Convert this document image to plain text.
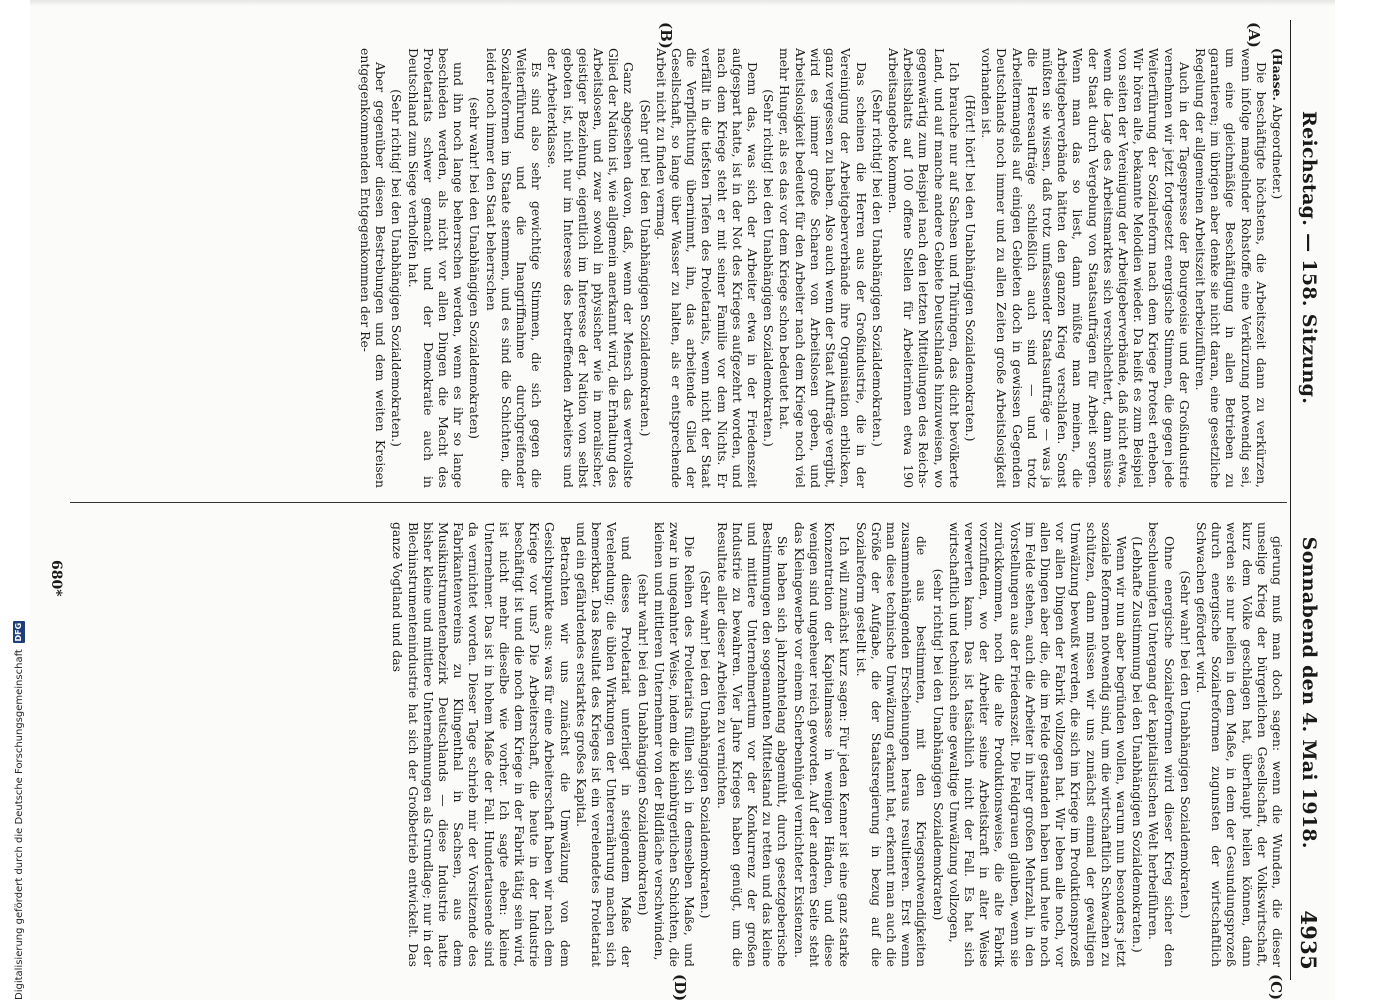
Reichstag. — 158. Sitzung.
Sonnabend den 4. Mai 1918.
4935
(A)
(B)
(C)
(D)

(Haase. Abgeordneter.)

Die beschäftigte höchstens, die Arbeitszeit dann zu verkürzen, wenn infolge mangelnder Rohstoffe eine Verkürzung notwendig sei, um eine gleichmäßige Beschäftigung in allen Betrieben zu garantieren; im übrigen aber denke sie nicht daran, eine gesetzliche Regelung der allgemeinen Arbeitszeit herbeizuführen.

Auch in der Tagespresse der Bourgeoisie und der Großindustrie vernehmen wir jetzt fortgesetzt energische Stimmen, die gegen jede Weiterführung der Sozialreform nach dem Kriege Protest erheben. Wir hören alte, bekannte Melodien wieder. Da heißt es zum Beispiel von seiten der Vereinigung der Arbeitgeberverbände, daß nicht etwa, wenn die Lage des Arbeitsmarktes sich verschlechtert, dann müsse der Staat durch Vergebung von Staatsaufträgen für Arbeit sorgen. Wenn man das so liest, dann müßte man meinen, die Arbeitgeberverbände hätten den ganzen Krieg verschlafen. Sonst müßten sie wissen, daß trotz umfassender Staatsaufträge — was ja die Heeresaufträge schließlich auch sind — und trotz Arbeitermangels auf einigen Gebieten doch in gewissen Gegenden Deutschlands noch immer und zu allen Zeiten große Arbeitslosigkeit vorhanden ist.

(Hört! hört! bei den Unabhängigen Sozialdemokraten.)

Ich brauche nur auf Sachsen und Thüringen, das dicht bevölkerte Land, und auf manche andere Gebiete Deutschlands hinzuweisen, wo gegenwärtig zum Beispiel nach den letzten Mitteilungen des Reichs-Arbeitsblatts auf 100 offene Stellen für Arbeiterinnen etwa 190 Arbeitsangebote kommen.

(Sehr richtig! bei den Unabhängigen Sozialdemokraten.)

Das scheinen die Herren aus der Großindustrie, die in der Vereinigung der Arbeitgeberverbände ihre Organisation erblicken, ganz vergessen zu haben. Also auch wenn der Staat Aufträge vergibt, wird es immer große Scharen von Arbeitslosen geben, und Arbeitslosigkeit bedeutet für den Arbeiter nach dem Kriege noch viel mehr Hunger, als es das vor dem Kriege schon bedeutet hat.

(Sehr richtig! bei den Unabhängigen Sozialdemokraten.)

Denn das, was sich der Arbeiter etwa in der Friedenszeit aufgespart hatte, ist in der Not des Krieges aufgezehrt worden, und nach dem Kriege steht er mit seiner Familie vor dem Nichts. Er verfällt in die tiefsten Tiefen des Proletariats, wenn nicht der Staat die Verpflichtung übernimmt, ihn, das arbeitende Glied der Gesellschaft, so lange über Wasser zu halten, als er entsprechende Arbeit nicht zu finden vermag.

(Sehr gut! bei den Unabhängigen Sozialdemokraten.)

Ganz abgesehen davon, daß, wenn der Mensch das wertvollste Glied der Nation ist, wie allgemein anerkannt wird, die Erhaltung des Arbeitslosen, und zwar sowohl in physischer wie in moralischer, geistiger Beziehung, eigentlich im Interesse der Nation von selbst geboten ist, nicht nur im Interesse des betreffenden Arbeiters und der Arbeiterklasse.

Es sind also sehr gewichtige Stimmen, die sich gegen die Weiterführung und die Inangriffnahme durchgreifender Sozialreformen im Staate stemmen, und es sind die Schichten, die leider noch immer den Staat beherrschen

(sehr wahr! bei den Unabhängigen Sozialdemokraten)

und ihn noch lange beherrschen werden, wenn es ihr so lange beschieden werden, als nicht vor allen Dingen die Macht des Proletariats schwer gemacht und der Demokratie auch in Deutschland zum Siege verholfen hat.

(Sehr richtig! bei den Unabhängigen Sozialdemokraten.)

Aber gegenüber diesen Bestrebungen und dem weiten Kreisen entgegenkommenden Entgegenkommen der Re-

gierung muß man doch sagen: wenn die Wunden, die dieser unselige Krieg der bürgerlichen Gesellschaft, der Volkswirtschaft, kurz dem Volke geschlagen hat, überhaupt heilen können, dann werden sie nur heilen in dem Maße, in dem der Gesundungsprozeß durch energische Sozialreformen zugunsten der wirtschaftlich Schwachen gefördert wird.

(Sehr wahr! bei den Unabhängigen Sozialdemokraten.)

Ohne energische Sozialreformen wird dieser Krieg sicher den beschleunigten Untergang der kapitalistischen Welt herbeiführen.

(Lebhafte Zustimmung bei den Unabhängigen Sozialdemokraten.)

Wenn wir nun aber begründen wollen, warum nun besonders jetzt soziale Reformen notwendig sind, um die wirtschaftlich Schwachen zu schützen, dann müssen wir uns zunächst einmal der gewaltigen Umwälzung bewußt werden, die sich im Kriege im Produktionsprozeß vor allen Dingen der Fabrik vollzogen hat. Wir leben alle noch, vor allen Dingen aber die, die im Felde gestanden haben und heute noch im Felde stehen, auch die Arbeiter in ihrer großen Mehrzahl, in den Vorstellungen aus der Friedenszeit. Die Feldgrauen glauben, wenn sie zurückkommen, noch die alte Produktionsweise, die alte Fabrik vorzufinden, wo der Arbeiter seine Arbeitskraft in alter Weise verwerten kann. Das ist tatsächlich nicht der Fall. Es hat sich wirtschaftlich und technisch eine gewaltige Umwälzung vollzogen,

(sehr richtig! bei den Unabhängigen Sozialdemokraten)

die aus bestimmten, mit den Kriegsnotwendigkeiten zusammenhängenden Erscheinungen heraus resultieren. Erst wenn man diese technische Umwälzung erkannt hat, erkennt man auch die Größe der Aufgabe, die der Staatsregierung in bezug auf die Sozialreform gestellt ist.

Ich will zunächst kurz sagen: Für jeden Kenner ist eine ganz starke Konzentration der Kapitalmasse in wenigen Händen, und diese wenigen sind ungeheuer reich geworden. Auf der anderen Seite steht das Kleingewerbe vor einem Scherbenhügel vernichteter Existenzen.

Sie haben sich jahrzehntelang abgemüht, durch gesetzgeberische Bestimmungen den sogenannten Mittelstand zu retten und das kleine und mittlere Unternehmertum vor der Konkurrenz der großen Industrie zu bewahren. Vier Jahre Krieges haben genügt, um die Resultate aller dieser Arbeiten zu vernichten.

(Sehr wahr! bei den Unabhängigen Sozialdemokraten.)

Die Reihen des Proletariats füllen sich in demselben Maße, und zwar in ungeahnter Weise, indem die kleinbürgerlichen Schichten, die kleinen und mittleren Unternehmer von der Bildfläche verschwinden,

(sehr wahr! bei den Unabhängigen Sozialdemokraten)

und dieses Proletariat unterliegt in steigendem Maße der Verelendung; die üblen Wirkungen der Unterernährung machen sich bemerkbar. Das Resultat des Krieges ist ein verelendetes Proletariat und ein gefährdendes erstarktes großes Kapital.

Betrachten wir uns zunächst die Umwälzung von dem Gesichtspunkte aus: was für eine Arbeiterschaft haben wir nach dem Kriege vor uns? Die Arbeiterschaft, die heute in der Industrie beschäftigt ist und die noch dem Kriege in der Fabrik tätig sein wird, ist nicht mehr dieselbe wie vorher. Ich sagte eben: kleine Unternehmer. Das ist in hohem Maße der Fall. Hundertausende sind da vernichtet worden. Dieser Tage schrieb mir der Vorsitzende des Fabrikantenvereins zu Klingenthal in Sachsen, aus dem Musikinstrumentenbezirk Deutschlands — diese Industrie hatte bisher kleine und mittlere Unternehmungen als Grundlage; nur in der Blechinstrumentenindustrie hat sich der Großbetrieb entwickelt. Das ganze Vogtland und das

680*
Digitalisierung gefördert durch die Deutsche Forschungsgemeinschaft
DFG
